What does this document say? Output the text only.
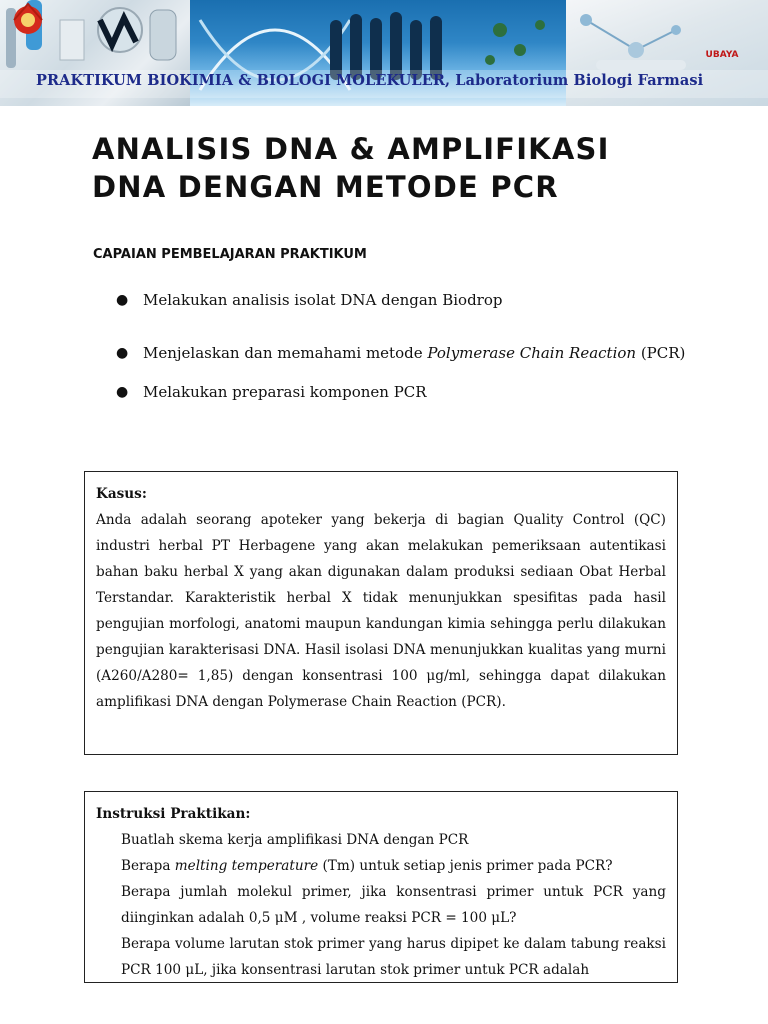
PRAKTIKUM BIOKIMIA & BIOLOGI MOLEKULER, Laboratorium Biologi Farmasi
UBAYA
ANALISIS DNA & AMPLIFIKASI
DNA DENGAN METODE PCR
CAPAIAN PEMBELAJARAN PRAKTIKUM
● Melakukan analisis isolat DNA dengan Biodrop
● Menjelaskan dan memahami metode Polymerase Chain Reaction (PCR)
● Melakukan preparasi komponen PCR
Kasus:

Anda adalah seorang apoteker yang bekerja di bagian Quality Control (QC) industri herbal PT Herbagene yang akan melakukan pemeriksaan autentikasi bahan baku herbal X yang akan digunakan dalam produksi sediaan Obat Herbal Terstandar. Karakteristik herbal X tidak menunjukkan spesifitas pada hasil pengujian morfologi, anatomi maupun kandungan kimia sehingga perlu dilakukan pengujian karakterisasi DNA. Hasil isolasi DNA menunjukkan kualitas yang murni (A260/A280= 1,85) dengan konsentrasi 100 μg/ml, sehingga dapat dilakukan amplifikasi DNA dengan Polymerase Chain Reaction (PCR).

Instruksi Praktikan:
Buatlah skema kerja amplifikasi DNA dengan PCR
Berapa melting temperature (Tm) untuk setiap jenis primer pada PCR?
Berapa jumlah molekul primer, jika konsentrasi primer untuk PCR yang diinginkan adalah 0,5 μM , volume reaksi PCR = 100 μL?
Berapa volume larutan stok primer yang harus dipipet ke dalam tabung reaksi PCR 100 μL, jika konsentrasi larutan stok primer untuk PCR adalah
